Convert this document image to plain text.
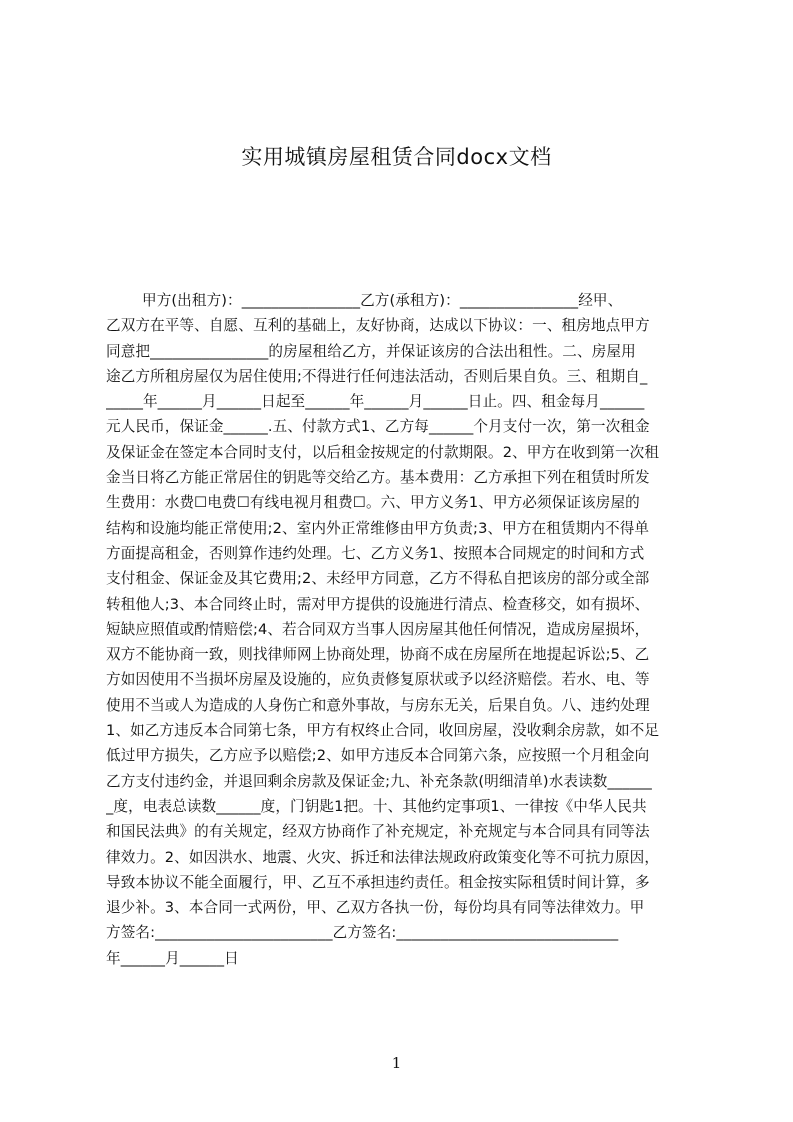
实用城镇房屋租赁合同docx文档
甲方(出租方)：________________乙方(承租方)：________________经甲、
乙双方在平等、自愿、互利的基础上，友好协商，达成以下协议：一、租房地点甲方
同意把________________的房屋租给乙方，并保证该房的合法出租性。二、房屋用
途乙方所租房屋仅为居住使用;不得进行任何违法活动，否则后果自负。三、租期自_
_____年______月______日起至______年______月______日止。四、租金每月______
元人民币，保证金______.五、付款方式1、乙方每______个月支付一次，第一次租金
及保证金在签定本合同时支付，以后租金按规定的付款期限。2、甲方在收到第一次租
金当日将乙方能正常居住的钥匙等交给乙方。基本费用：乙方承担下列在租赁时所发
生费用：水费☐电费☐有线电视月租费☐。六、甲方义务1、甲方必须保证该房屋的
结构和设施均能正常使用;2、室内外正常维修由甲方负责;3、甲方在租赁期内不得单
方面提高租金，否则算作违约处理。七、乙方义务1、按照本合同规定的时间和方式
支付租金、保证金及其它费用;2、未经甲方同意，乙方不得私自把该房的部分或全部
转租他人;3、本合同终止时，需对甲方提供的设施进行清点、检查移交，如有损坏、
短缺应照值或酌情赔偿;4、若合同双方当事人因房屋其他任何情况，造成房屋损坏，
双方不能协商一致，则找律师网上协商处理，协商不成在房屋所在地提起诉讼;5、乙
方如因使用不当损坏房屋及设施的，应负责修复原状或予以经济赔偿。若水、电、等
使用不当或人为造成的人身伤亡和意外事故，与房东无关，后果自负。八、违约处理
1、如乙方违反本合同第七条，甲方有权终止合同，收回房屋，没收剩余房款，如不足
低过甲方损失，乙方应予以赔偿;2、如甲方违反本合同第六条，应按照一个月租金向
乙方支付违约金，并退回剩余房款及保证金;九、补充条款(明细清单)水表读数______
_度，电表总读数______度，门钥匙1把。十、其他约定事项1、一律按《中华人民共
和国民法典》的有关规定，经双方协商作了补充规定，补充规定与本合同具有同等法
律效力。2、如因洪水、地震、火灾、拆迁和法律法规政府政策变化等不可抗力原因，
导致本协议不能全面履行，甲、乙互不承担违约责任。租金按实际租赁时间计算，多
退少补。3、本合同一式两份，甲、乙双方各执一份，每份均具有同等法律效力。甲
方签名:________________________乙方签名:______________________________
年______月______日
1
